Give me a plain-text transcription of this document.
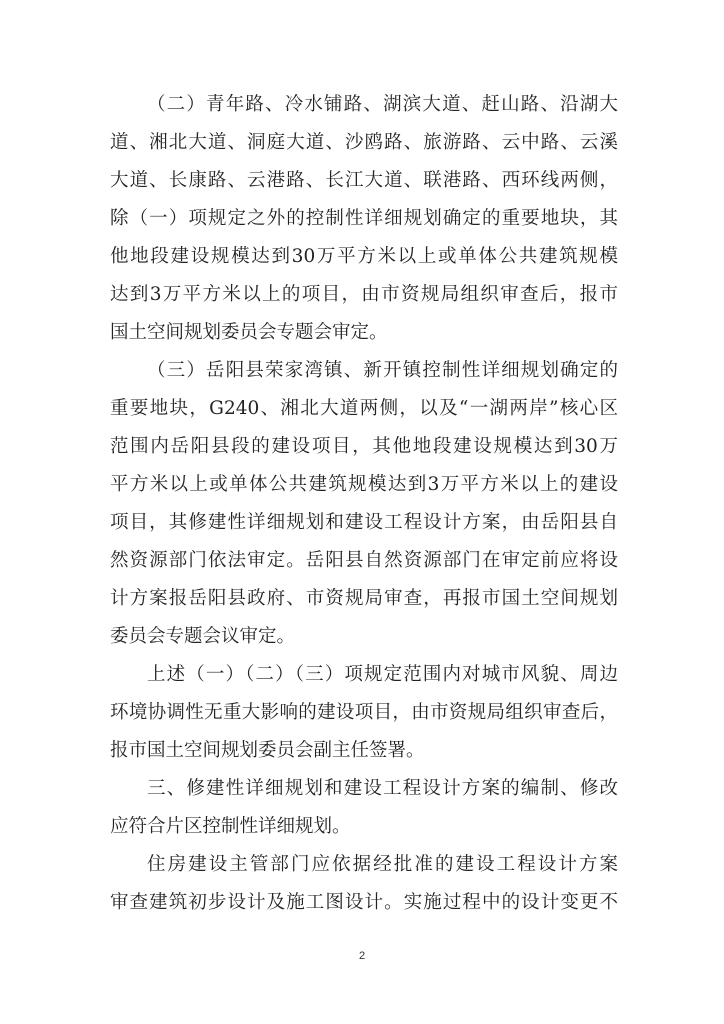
（二）青年路、冷水铺路、湖滨大道、赶山路、沿湖大
道、湘北大道、洞庭大道、沙鸥路、旅游路、云中路、云溪
大道、长康路、云港路、长江大道、联港路、西环线两侧，
除（一）项规定之外的控制性详细规划确定的重要地块，其
他地段建设规模达到30万平方米以上或单体公共建筑规模
达到3万平方米以上的项目，由市资规局组织审查后，报市
国土空间规划委员会专题会审定。
（三）岳阳县荣家湾镇、新开镇控制性详细规划确定的
重要地块，G240、湘北大道两侧，以及“一湖两岸”核心区
范围内岳阳县段的建设项目，其他地段建设规模达到30万
平方米以上或单体公共建筑规模达到3万平方米以上的建设
项目，其修建性详细规划和建设工程设计方案，由岳阳县自
然资源部门依法审定。岳阳县自然资源部门在审定前应将设
计方案报岳阳县政府、市资规局审查，再报市国土空间规划
委员会专题会议审定。
上述（一）（二）（三）项规定范围内对城市风貌、周边
环境协调性无重大影响的建设项目，由市资规局组织审查后，
报市国土空间规划委员会副主任签署。
三、修建性详细规划和建设工程设计方案的编制、修改
应符合片区控制性详细规划。
住房建设主管部门应依据经批准的建设工程设计方案
审查建筑初步设计及施工图设计。实施过程中的设计变更不
2
